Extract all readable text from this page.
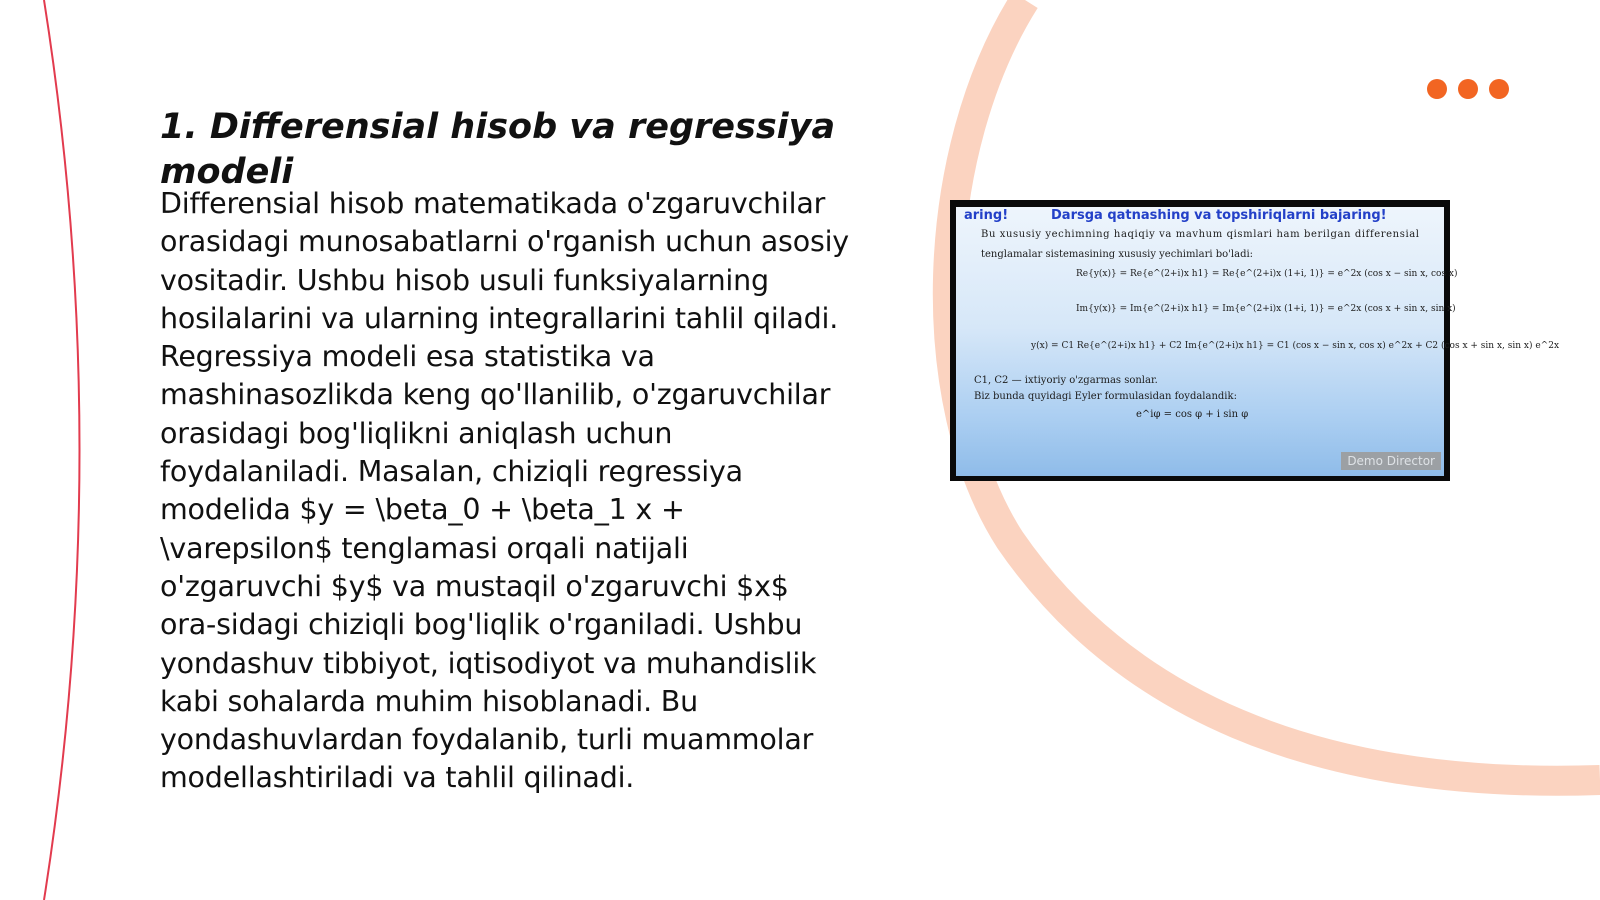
1. Differensial hisob va regressiya modeli

Differensial hisob matematikada o'zgaruvchilar orasidagi munosabatlarni o'rganish uchun asosiy vositadir. Ushbu hisob usuli funksiyalarning hosilalarini va ularning integrallarini tahlil qiladi. Regressiya modeli esa statistika va mashinasozlikda keng qo'llanilib, o'zgaruvchilar orasidagi bog'liqlikni aniqlash uchun foydalaniladi. Masalan, chiziqli regressiya modelida $y = \beta_0 + \beta_1 x + \varepsilon$ tenglamasi orqali natijali o'zgaruvchi $y$ va mustaqil o'zgaruvchi $x$ ora-sidagi chiziqli bog'liqlik o'rganiladi. Ushbu yondashuv tibbiyot, iqtisodiyot va muhandislik kabi sohalarda muhim hisoblanadi. Bu yondashuvlardan foydalanib, turli muammolar modellashtiriladi va tahlil qilinadi.

aring!	Darsga qatnashing va topshiriqlarni bajaring!
Bu xususiy yechimning haqiqiy va mavhum qismlari ham berilgan differensial
tenglamalar sistemasining xususiy yechimlari bo'ladi:
Re{y(x)} = Re{e^(2+i)x h1} = Re{e^(2+i)x (1+i, 1)} = e^2x (cos x − sin x, cos x)
Im{y(x)} = Im{e^(2+i)x h1} = Im{e^(2+i)x (1+i, 1)} = e^2x (cos x + sin x, sin x)
y(x) = C1 Re{e^(2+i)x h1} + C2 Im{e^(2+i)x h1} = C1 (cos x − sin x, cos x) e^2x + C2 (cos x + sin x, sin x) e^2x
C1, C2 — ixtiyoriy o'zgarmas sonlar.
Biz bunda quyidagi Eyler formulasidan foydalandik:
e^iφ = cos φ + i sin φ
Demo Director
